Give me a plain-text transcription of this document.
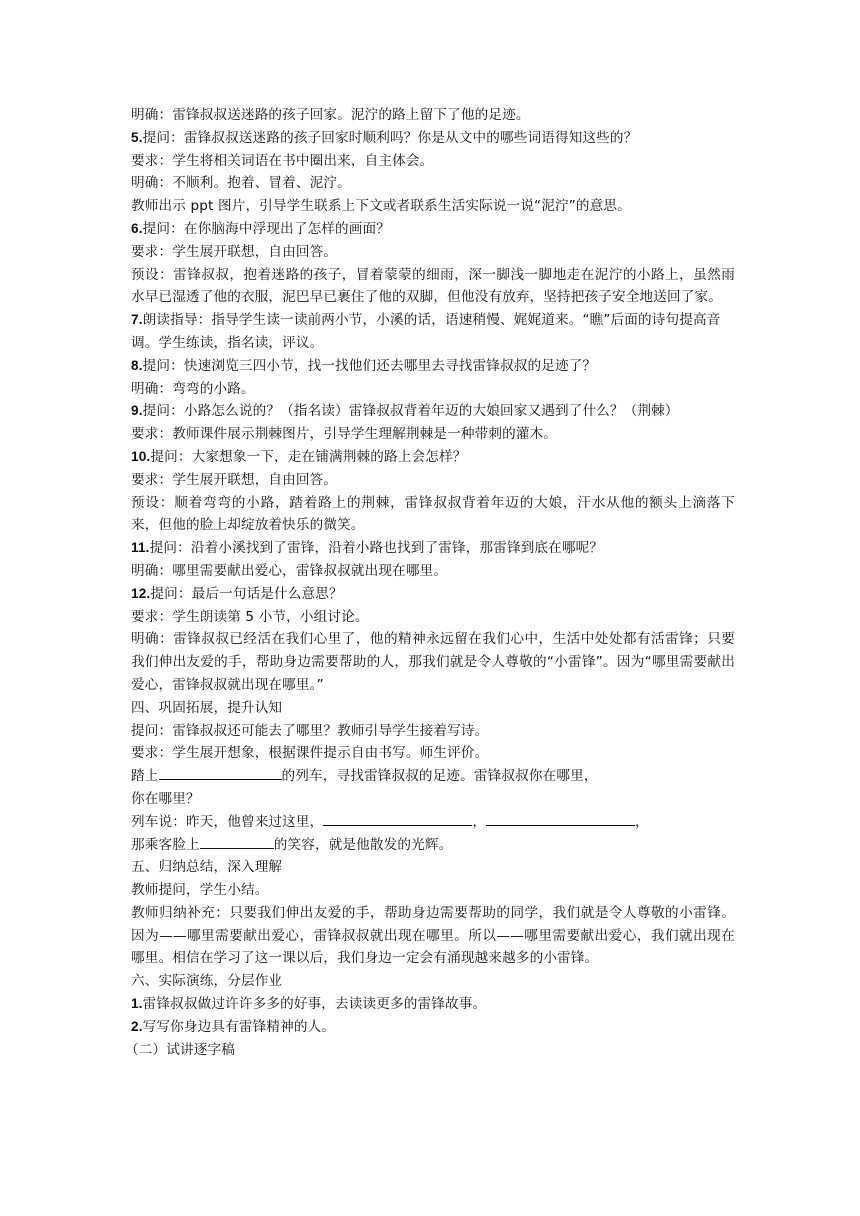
明确：雷锋叔叔送迷路的孩子回家。泥泞的路上留下了他的足迹。
5.提问：雷锋叔叔送迷路的孩子回家时顺利吗？你是从文中的哪些词语得知这些的？
要求：学生将相关词语在书中圈出来，自主体会。
明确：不顺利。抱着、冒着、泥泞。
教师出示 ppt 图片，引导学生联系上下文或者联系生活实际说一说“泥泞”的意思。
6.提问：在你脑海中浮现出了怎样的画面？
要求：学生展开联想，自由回答。
预设：雷锋叔叔，抱着迷路的孩子，冒着蒙蒙的细雨，深一脚浅一脚地走在泥泞的小路上，虽然雨水早已湿透了他的衣服，泥巴早已裹住了他的双脚，但他没有放弃，坚持把孩子安全地送回了家。
7.朗读指导：指导学生读一读前两小节，小溪的话，语速稍慢、娓娓道来。“瞧”后面的诗句提高音
调。学生练读，指名读，评议。
8.提问：快速浏览三四小节，找一找他们还去哪里去寻找雷锋叔叔的足迹了？
明确：弯弯的小路。
9.提问：小路怎么说的？（指名读）雷锋叔叔背着年迈的大娘回家又遇到了什么？（荆棘）
要求：教师课件展示荆棘图片，引导学生理解荆棘是一种带刺的灌木。
10.提问：大家想象一下，走在铺满荆棘的路上会怎样？
要求：学生展开联想，自由回答。
预设：顺着弯弯的小路，踏着路上的荆棘，雷锋叔叔背着年迈的大娘，汗水从他的额头上滴落下来，但他的脸上却绽放着快乐的微笑。
11.提问：沿着小溪找到了雷锋，沿着小路也找到了雷锋，那雷锋到底在哪呢？
明确：哪里需要献出爱心，雷锋叔叔就出现在哪里。
12.提问：最后一句话是什么意思？
要求：学生朗读第 5 小节，小组讨论。
明确：雷锋叔叔已经活在我们心里了，他的精神永远留在我们心中，生活中处处都有活雷锋；只要我们伸出友爱的手，帮助身边需要帮助的人，那我们就是令人尊敬的“小雷锋”。因为“哪里需要献出爱心，雷锋叔叔就出现在哪里。”
四、巩固拓展，提升认知
提问：雷锋叔叔还可能去了哪里？教师引导学生接着写诗。
要求：学生展开想象，根据课件提示自由书写。师生评价。
踏上	的列车，寻找雷锋叔叔的足迹。雷锋叔叔你在哪里，
你在哪里？
列车说：昨天，他曾来过这里，	，	，
那乘客脸上	的笑容，就是他散发的光辉。
五、归纳总结，深入理解
教师提问，学生小结。
教师归纳补充：只要我们伸出友爱的手，帮助身边需要帮助的同学，我们就是令人尊敬的小雷锋。因为——哪里需要献出爱心，雷锋叔叔就出现在哪里。所以——哪里需要献出爱心，我们就出现在哪里。相信在学习了这一课以后，我们身边一定会有涌现越来越多的小雷锋。
六、实际演练，分层作业
1.雷锋叔叔做过许许多多的好事，去读读更多的雷锋故事。
2.写写你身边具有雷锋精神的人。
（二）试讲逐字稿
